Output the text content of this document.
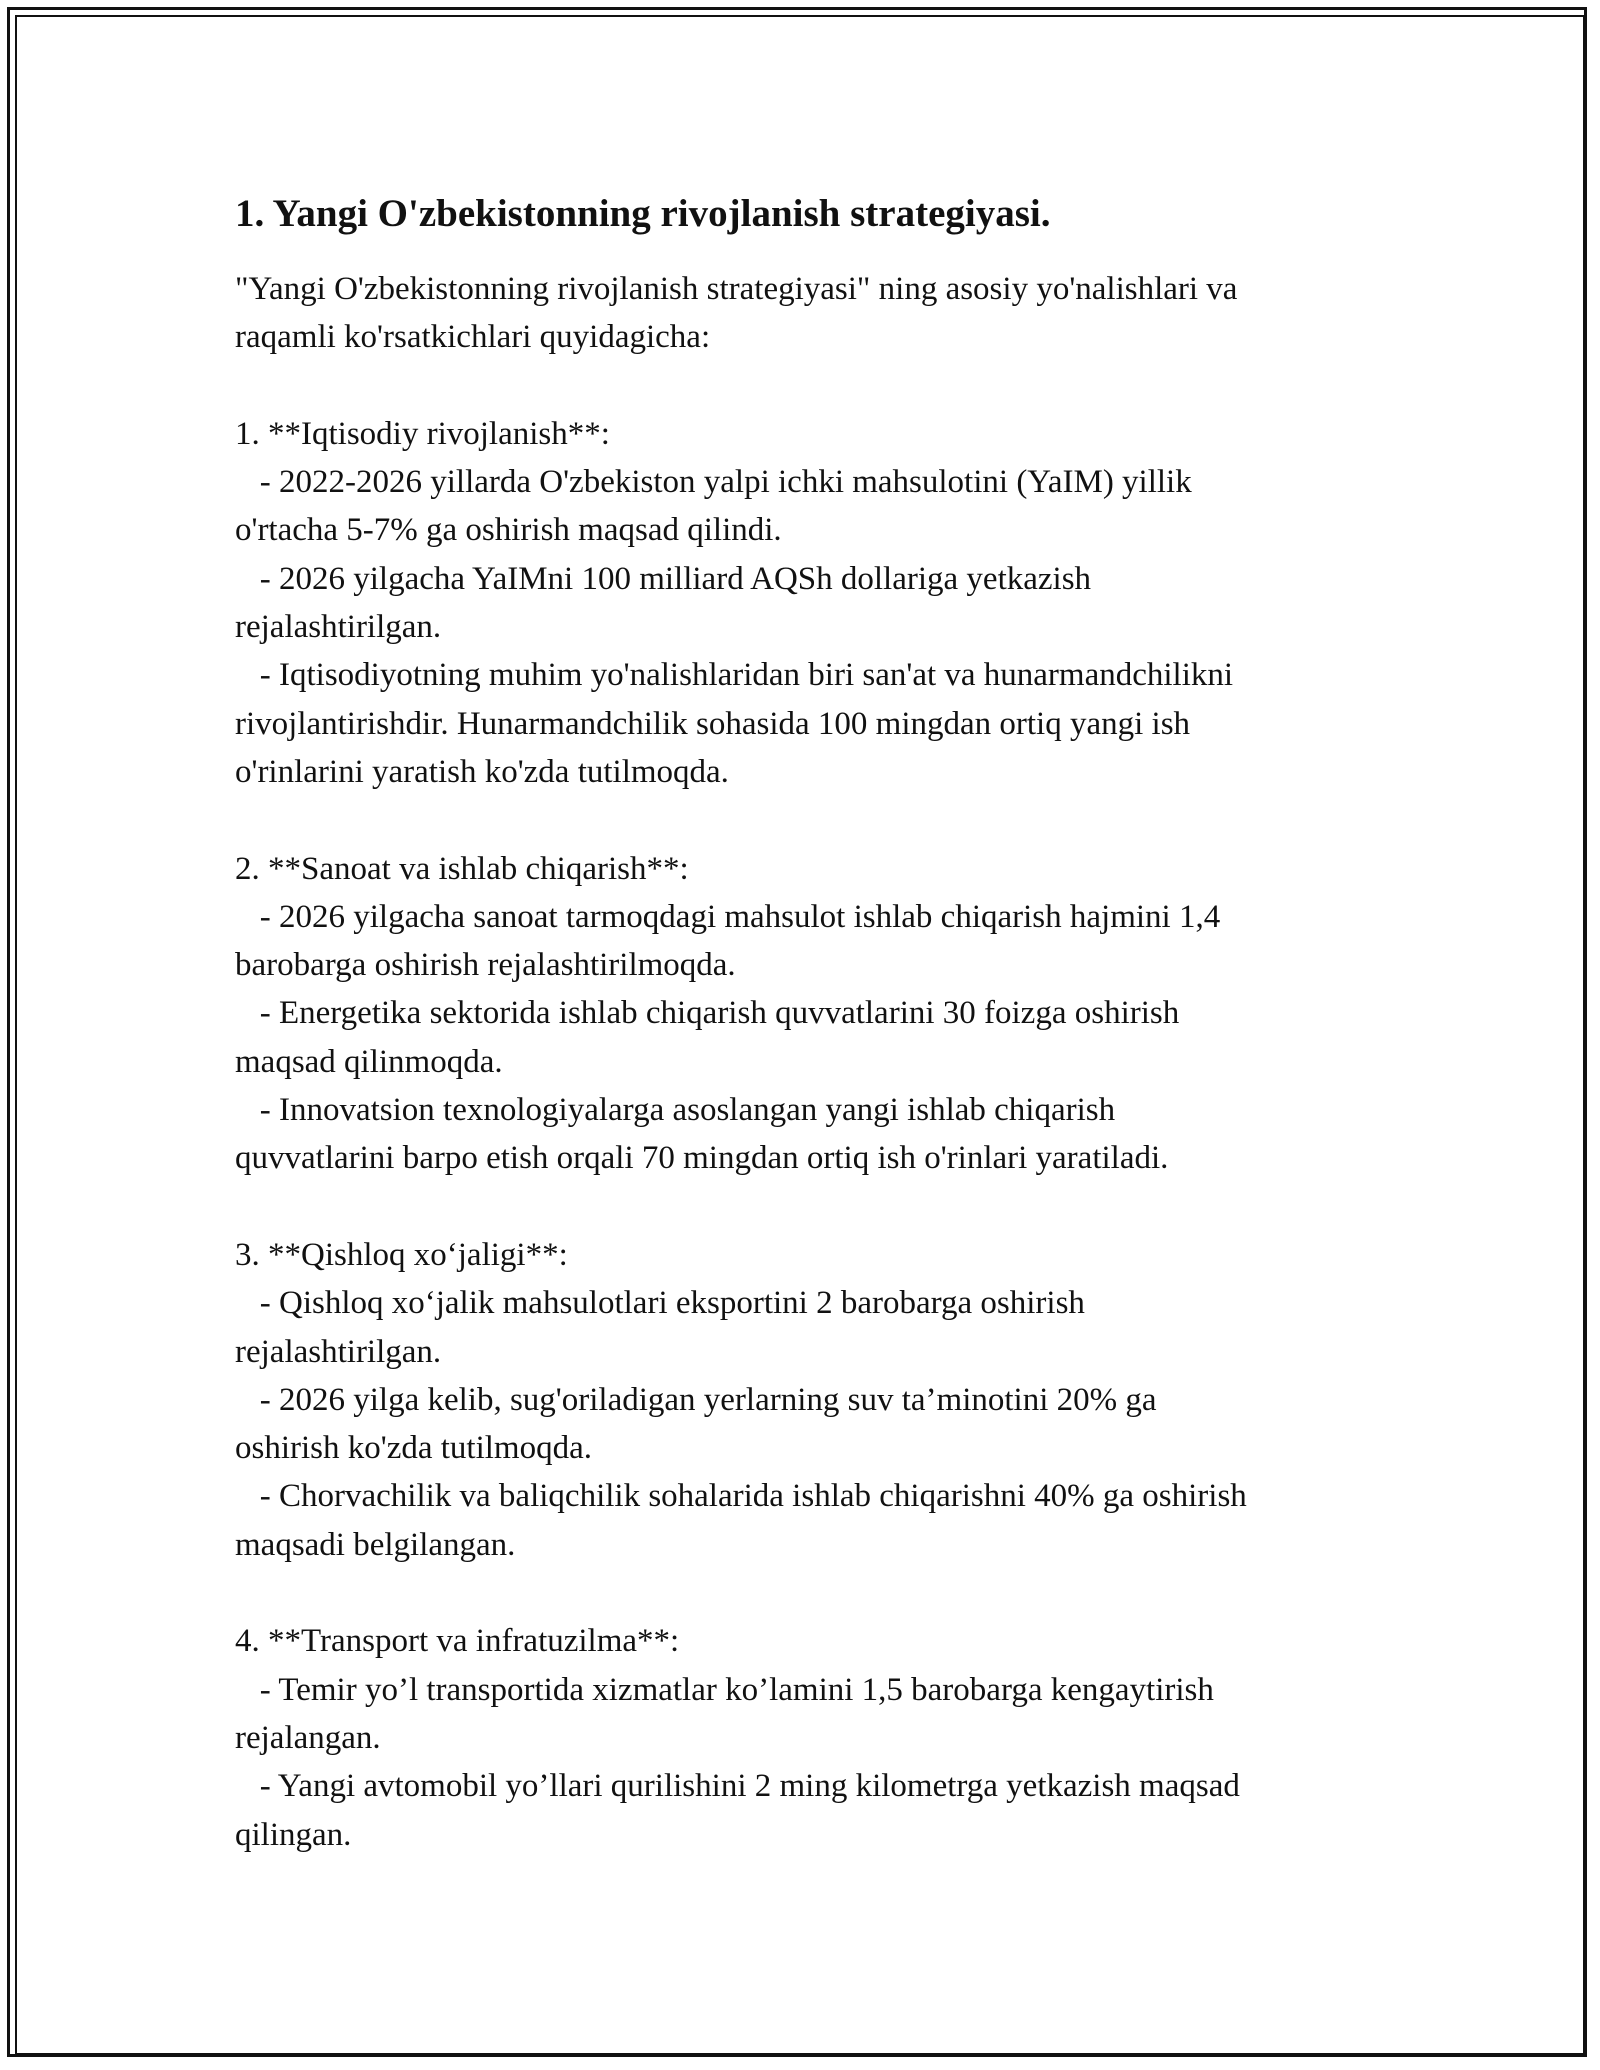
1. Yangi O'zbekistonning rivojlanish strategiyasi.
"Yangi O'zbekistonning rivojlanish strategiyasi" ning asosiy yo'nalishlari va
raqamli ko'rsatkichlari quyidagicha:

1. **Iqtisodiy rivojlanish**:
- 2022-2026 yillarda O'zbekiston yalpi ichki mahsulotini (YaIM) yillik
o'rtacha 5-7% ga oshirish maqsad qilindi.
- 2026 yilgacha YaIMni 100 milliard AQSh dollariga yetkazish
rejalashtirilgan.
- Iqtisodiyotning muhim yo'nalishlaridan biri san'at va hunarmandchilikni
rivojlantirishdir. Hunarmandchilik sohasida 100 mingdan ortiq yangi ish
o'rinlarini yaratish ko'zda tutilmoqda.

2. **Sanoat va ishlab chiqarish**:
- 2026 yilgacha sanoat tarmoqdagi mahsulot ishlab chiqarish hajmini 1,4
barobarga oshirish rejalashtirilmoqda.
- Energetika sektorida ishlab chiqarish quvvatlarini 30 foizga oshirish
maqsad qilinmoqda.
- Innovatsion texnologiyalarga asoslangan yangi ishlab chiqarish
quvvatlarini barpo etish orqali 70 mingdan ortiq ish o'rinlari yaratiladi.

3. **Qishloq xo‘jaligi**:
- Qishloq xo‘jalik mahsulotlari eksportini 2 barobarga oshirish
rejalashtirilgan.
- 2026 yilga kelib, sug'oriladigan yerlarning suv ta’minotini 20% ga
oshirish ko'zda tutilmoqda.
- Chorvachilik va baliqchilik sohalarida ishlab chiqarishni 40% ga oshirish
maqsadi belgilangan.

4. **Transport va infratuzilma**:
- Temir yo’l transportida xizmatlar ko’lamini 1,5 barobarga kengaytirish
rejalangan.
- Yangi avtomobil yo’llari qurilishini 2 ming kilometrga yetkazish maqsad
qilingan.
